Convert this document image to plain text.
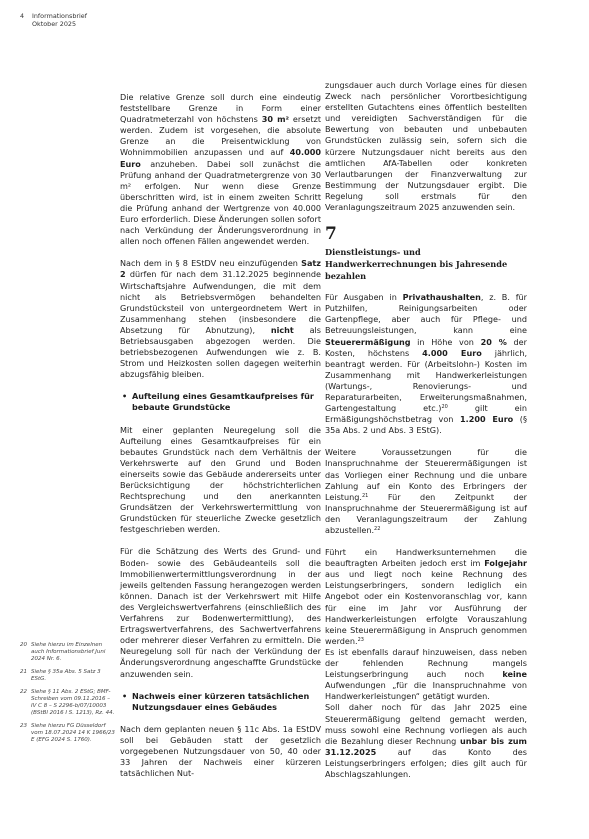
4 Informationsbrief
Oktober 2025

Die relative Grenze soll durch eine eindeutig feststellbare Grenze in Form einer Quadratmeterzahl von höchstens 30 m² ersetzt werden. Zudem ist vorgesehen, die absolute Grenze an die Preisentwicklung von Wohnimmobilien anzupassen und auf 40.000 Euro anzuheben. Dabei soll zunächst die Prüfung anhand der Quadratmetergrenze von 30 m² erfolgen. Nur wenn diese Grenze überschritten wird, ist in einem zweiten Schritt die Prüfung anhand der Wertgrenze von 40.000 Euro erforderlich. Diese Änderungen sollen sofort nach Verkündung der Änderungsverordnung in allen noch offenen Fällen angewendet werden.

Nach dem in § 8 EStDV neu einzufügenden Satz 2 dürfen für nach dem 31.12.2025 beginnende Wirtschaftsjahre Aufwendungen, die mit dem nicht als Betriebsvermögen behandelten Grundstücksteil von untergeordnetem Wert in Zusammenhang stehen (insbesondere die Absetzung für Abnutzung), nicht als Betriebsausgaben abgezogen werden. Die betriebsbezogenen Aufwendungen wie z. B. Strom und Heizkosten sollen dagegen weiterhin abzugsfähig bleiben.

• Aufteilung eines Gesamtkaufpreises für bebaute Grundstücke

Mit einer geplanten Neuregelung soll die Aufteilung eines Gesamtkaufpreises für ein bebautes Grundstück nach dem Verhältnis der Verkehrswerte auf den Grund und Boden einerseits sowie das Gebäude andererseits unter Berücksichtigung der höchstrichterlichen Rechtsprechung und den anerkannten Grundsätzen der Verkehrswertermittlung von Grundstücken für steuerliche Zwecke gesetzlich festgeschrieben werden.

Für die Schätzung des Werts des Grund- und Boden- sowie des Gebäudeanteils soll die Immobilienwertermittlungsverordnung in der jeweils geltenden Fassung herangezogen werden können. Danach ist der Verkehrswert mit Hilfe des Vergleichswertverfahrens (einschließlich des Verfahrens zur Bodenwertermittlung), des Ertragswertverfahrens, des Sachwertverfahrens oder mehrerer dieser Verfahren zu ermitteln. Die Neuregelung soll für nach der Verkündung der Änderungsverordnung angeschaffte Grundstücke anzuwenden sein.

• Nachweis einer kürzeren tatsächlichen Nutzungsdauer eines Gebäudes

Nach dem geplanten neuen § 11c Abs. 1a EStDV soll bei Gebäuden statt der gesetzlich vorgegebenen Nutzungsdauer von 50, 40 oder 33 Jahren der Nachweis einer kürzeren tatsächlichen Nut-

zungsdauer auch durch Vorlage eines für diesen Zweck nach persönlicher Vorortbesichtigung erstellten Gutachtens eines öffentlich bestellten und vereidigten Sachverständigen für die Bewertung von bebauten und unbebauten Grundstücken zulässig sein, sofern sich die kürzere Nutzungsdauer nicht bereits aus den amtlichen AfA-Tabellen oder konkreten Verlautbarungen der Finanzverwaltung zur Bestimmung der Nutzungsdauer ergibt. Die Regelung soll erstmals für den Veranlagungszeitraum 2025 anzuwenden sein.

7
Dienstleistungs- und Handwerkerrechnungen bis Jahresende bezahlen

Für Ausgaben in Privathaushalten, z. B. für Putzhilfen, Reinigungsarbeiten oder Gartenpflege, aber auch für Pflege- und Betreuungsleistungen, kann eine Steuerermäßigung in Höhe von 20 % der Kosten, höchstens 4.000 Euro jährlich, beantragt werden. Für (Arbeitslohn-) Kosten im Zusammenhang mit Handwerkerleistungen (Wartungs-, Renovierungs- und Reparaturarbeiten, Erweiterungsmaßnahmen, Gartengestaltung etc.)$^{20}$ gilt ein Ermäßigungshöchstbetrag von 1.200 Euro (§ 35a Abs. 2 und Abs. 3 EStG).

Weitere Voraussetzungen für die Inanspruchnahme der Steuerermäßigungen ist das Vorliegen einer Rechnung und die unbare Zahlung auf ein Konto des Erbringers der Leistung.$^{21}$ Für den Zeitpunkt der Inanspruchnahme der Steuerermäßigung ist auf den Veranlagungszeitraum der Zahlung abzustellen.$^{22}$

Führt ein Handwerksunternehmen die beauftragten Arbeiten jedoch erst im Folgejahr aus und liegt noch keine Rechnung des Leistungserbringers, sondern lediglich ein Angebot oder ein Kostenvoranschlag vor, kann für eine im Jahr vor Ausführung der Handwerkerleistungen erfolgte Vorauszahlung keine Steuerermäßigung in Anspruch genommen werden.$^{23}$

Es ist ebenfalls darauf hinzuweisen, dass neben der fehlenden Rechnung mangels Leistungserbringung auch noch keine Aufwendungen „für die Inanspruchnahme von Handwerkerleistungen“ getätigt wurden.

Soll daher noch für das Jahr 2025 eine Steuerermäßigung geltend gemacht werden, muss sowohl eine Rechnung vorliegen als auch die Bezahlung dieser Rechnung unbar bis zum 31.12.2025 auf das Konto des Leistungserbringers erfolgen; dies gilt auch für Abschlagszahlungen.

20 Siehe hierzu im Einzelnen auch Informationsbrief Juni 2024 Nr. 6.
21 Siehe § 35a Abs. 5 Satz 3 EStG.
22 Siehe § 11 Abs. 2 EStG; BMF-Schreiben vom 09.11.2016 – IV C 8 – S 2296-b/07/10003 (BStBl 2016 I S. 1213), Rz. 44.
23 Siehe hierzu FG Düsseldorf vom 18.07.2024 14 K 1966/23 E (EFG 2024 S. 1760).
